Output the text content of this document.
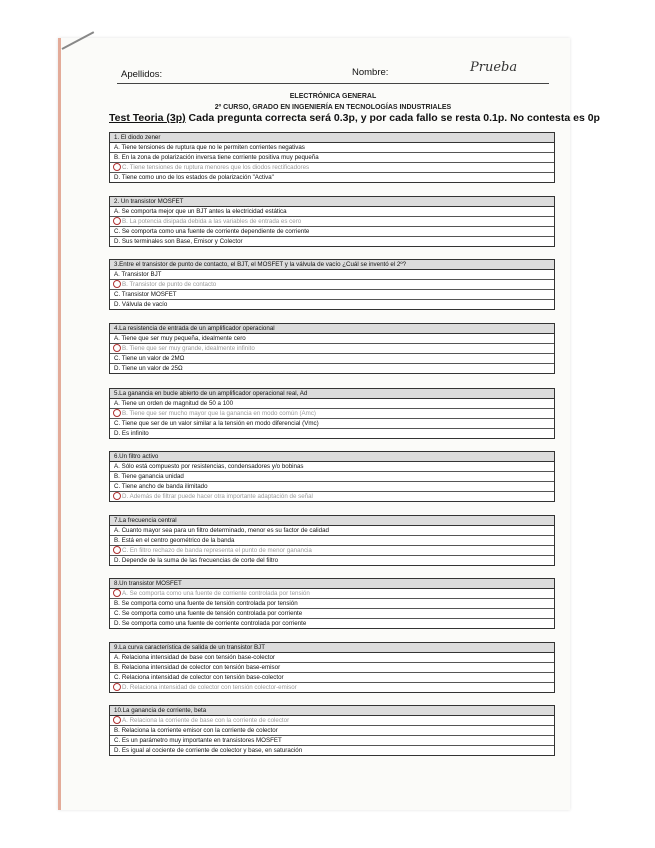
Prueba
Apellidos:	Nombre:
ELECTRÓNICA GENERAL
2º CURSO, GRADO EN INGENIERÍA EN TECNOLOGÍAS INDUSTRIALES
Test Teoria (3p) Cada pregunta correcta será 0.3p, y por cada fallo se resta 0.1p. No contesta es 0p
1. El diodo zener
A. Tiene tensiones de ruptura que no le permiten corrientes negativas
B. En la zona de polarización inversa tiene corriente positiva muy pequeña
C. Tiene tensiones de ruptura menores que los diodos rectificadores
D. Tiene como uno de los estados de polarización "Activa"
2. Un transistor MOSFET
A. Se comporta mejor que un BJT antes la electricidad estática
B. La potencia disipada debida a las variables de entrada es cero
C. Se comporta como una fuente de corriente dependiente de corriente
D. Sus terminales son Base, Emisor y Colector
3.Entre el transistor de punto de contacto, el BJT, el MOSFET y la válvula de vacío ¿Cuál se inventó el 2º?
A. Transistor BJT
B. Transistor de punto de contacto
C. Transistor MOSFET
D. Válvula de vacío
4.La resistencia de entrada de un amplificador operacional
A. Tiene que ser muy pequeña, idealmente cero
B. Tiene que ser muy grande, idealmente infinito
C. Tiene un valor de 2MΩ
D. Tiene un valor de 25Ω
5.La ganancia en bucle abierto de un amplificador operacional real, Ad
A. Tiene un orden de magnitud de 50 a 100
B. Tiene que ser mucho mayor que la ganancia en modo común (Amc)
C. Tiene que ser de un valor similar a la tensión en modo diferencial (Vmc)
D. Es infinito
6.Un filtro activo
A. Sólo está compuesto por resistencias, condensadores y/o bobinas
B. Tiene ganancia unidad
C. Tiene ancho de banda ilimitado
D. Además de filtrar puede hacer otra importante adaptación de señal
7.La frecuencia central
A. Cuanto mayor sea para un filtro determinado, menor es su factor de calidad
B. Está en el centro geométrico de la banda
C. En filtro rechazo de banda representa el punto de menor ganancia
D. Depende de la suma de las frecuencias de corte del filtro
8.Un transistor MOSFET
A. Se comporta como una fuente de corriente controlada por tensión
B. Se comporta como una fuente de tensión controlada por tensión
C. Se comporta como una fuente de tensión controlada por corriente
D. Se comporta como una fuente de corriente controlada por corriente
9.La curva característica de salida de un transistor BJT
A. Relaciona intensidad de base con tensión base-colector
B. Relaciona intensidad de colector con tensión base-emisor
C. Relaciona intensidad de colector con tensión base-colector
D. Relaciona intensidad de colector con tensión colector-emisor
10.La ganancia de corriente, beta
A. Relaciona la corriente de base con la corriente de colector
B. Relaciona la corriente emisor con la corriente de colector
C. Es un parámetro muy importante en transistores MOSFET
D. Es igual al cociente de corriente de colector y base, en saturación
